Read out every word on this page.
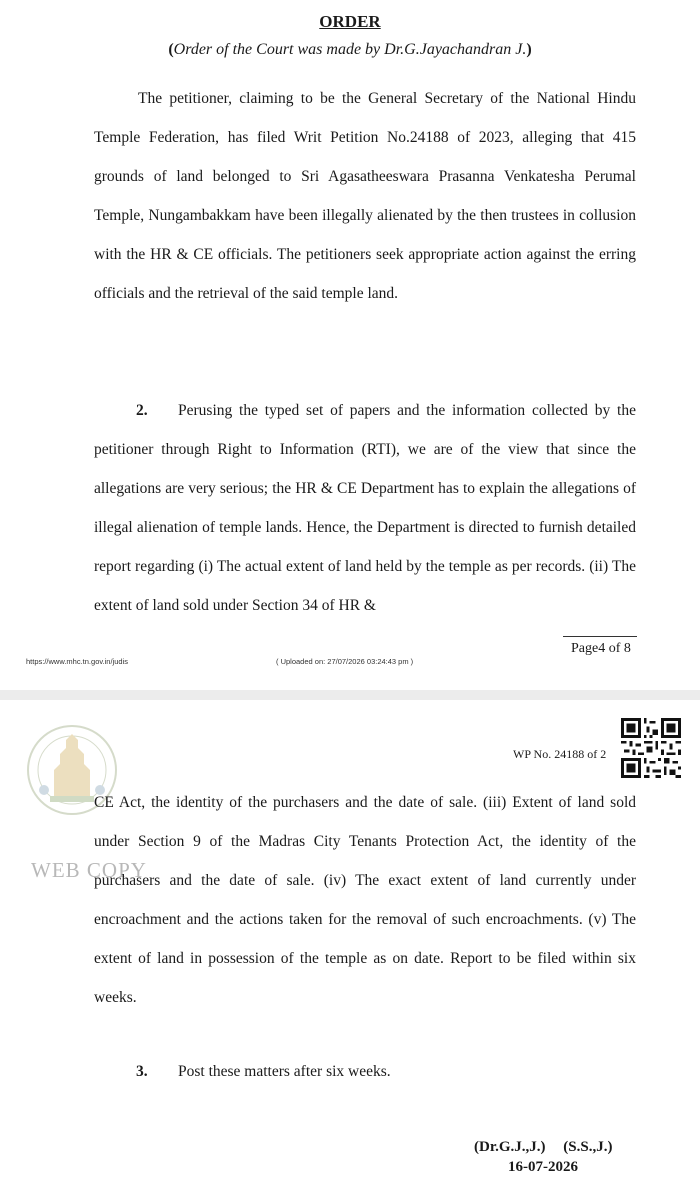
ORDER
(Order of the Court was made by Dr.G.Jayachandran J.)

The petitioner, claiming to be the General Secretary of the National Hindu Temple Federation, has filed Writ Petition No.24188 of 2023, alleging that 415 grounds of land belonged to Sri Agasatheeswara Prasanna Venkatesha Perumal Temple, Nungambakkam have been illegally alienated by the then trustees in collusion with the HR & CE officials. The petitioners seek appropriate action against the erring officials and the retrieval of the said temple land.

2. Perusing the typed set of papers and the information collected by the petitioner through Right to Information (RTI), we are of the view that since the allegations are very serious; the HR & CE Department has to explain the allegations of illegal alienation of temple lands. Hence, the Department is directed to furnish detailed report regarding (i) The actual extent of land held by the temple as per records. (ii) The extent of land sold under Section 34 of HR &

Page4 of 8
https://www.mhc.tn.gov.in/judis	( Uploaded on: 27/07/2026 03:24:43 pm )
WEB COPY
WP No. 24188 of 2

CE Act, the identity of the purchasers and the date of sale. (iii) Extent of land sold under Section 9 of the Madras City Tenants Protection Act, the identity of the purchasers and the date of sale. (iv) The exact extent of land currently under encroachment and the actions taken for the removal of such encroachments. (v) The extent of land in possession of the temple as on date. Report to be filed within six weeks.

3. Post these matters after six weeks.

(Dr.G.J.,J.) (S.S.,J.)
16-07-2026
